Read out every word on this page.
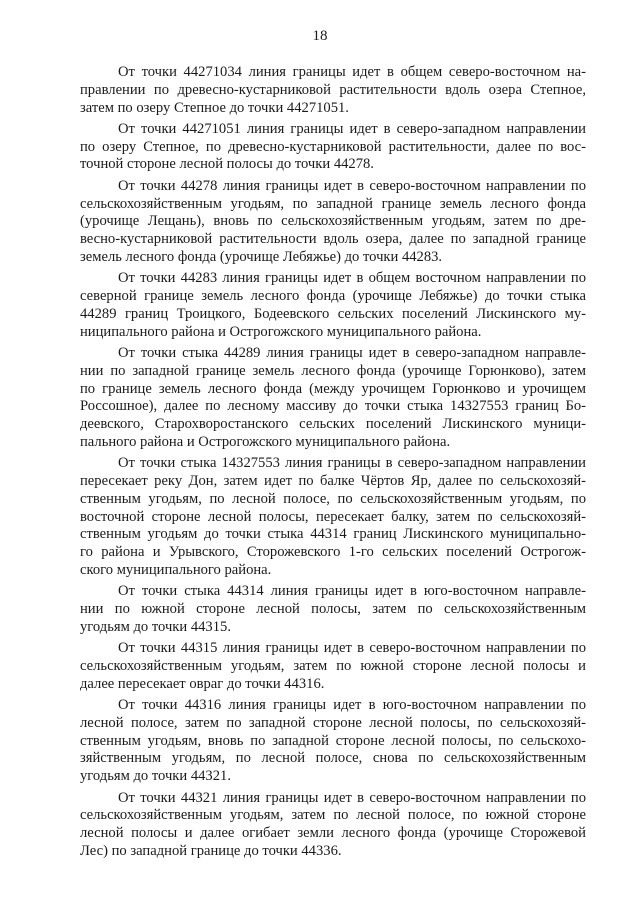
18

От точки 44271034 линия границы идет в общем северо-восточном на-
правлении по древесно-кустарниковой растительности вдоль озера Степное,
затем по озеру Степное до точки 44271051.

От точки 44271051 линия границы идет в северо-западном направлении
по озеру Степное, по древесно-кустарниковой растительности, далее по вос-
точной стороне лесной полосы до точки 44278.

От точки 44278 линия границы идет в северо-восточном направлении по
сельскохозяйственным угодьям, по западной границе земель лесного фонда
(урочище Лещань), вновь по сельскохозяйственным угодьям, затем по дре-
весно-кустарниковой растительности вдоль озера, далее по западной границе
земель лесного фонда (урочище Лебяжье) до точки 44283.

От точки 44283 линия границы идет в общем восточном направлении по
северной границе земель лесного фонда (урочище Лебяжье) до точки стыка
44289 границ Троицкого, Бодеевского сельских поселений Лискинского му-
ниципального района и Острогожского муниципального района.

От точки стыка 44289 линия границы идет в северо-западном направле-
нии по западной границе земель лесного фонда (урочище Горюнково), затем
по границе земель лесного фонда (между урочищем Горюнково и урочищем
Россошное), далее по лесному массиву до точки стыка 14327553 границ Бо-
деевского, Старохворостанского сельских поселений Лискинского муници-
пального района и Острогожского муниципального района.

От точки стыка 14327553 линия границы в северо-западном направлении
пересекает реку Дон, затем идет по балке Чёртов Яр, далее по сельскохозяй-
ственным угодьям, по лесной полосе, по сельскохозяйственным угодьям, по
восточной стороне лесной полосы, пересекает балку, затем по сельскохозяй-
ственным угодьям до точки стыка 44314 границ Лискинского муниципально-
го района и Урывского, Сторожевского 1-го сельских поселений Острогож-
ского муниципального района.

От точки стыка 44314 линия границы идет в юго-восточном направле-
нии по южной стороне лесной полосы, затем по сельскохозяйственным
угодьям до точки 44315.

От точки 44315 линия границы идет в северо-восточном направлении по
сельскохозяйственным угодьям, затем по южной стороне лесной полосы и
далее пересекает овраг до точки 44316.

От точки 44316 линия границы идет в юго-восточном направлении по
лесной полосе, затем по западной стороне лесной полосы, по сельскохозяй-
ственным угодьям, вновь по западной стороне лесной полосы, по сельскохо-
зяйственным угодьям, по лесной полосе, снова по сельскохозяйственным
угодьям до точки 44321.

От точки 44321 линия границы идет в северо-восточном направлении по
сельскохозяйственным угодьям, затем по лесной полосе, по южной стороне
лесной полосы и далее огибает земли лесного фонда (урочище Сторожевой
Лес) по западной границе до точки 44336.
